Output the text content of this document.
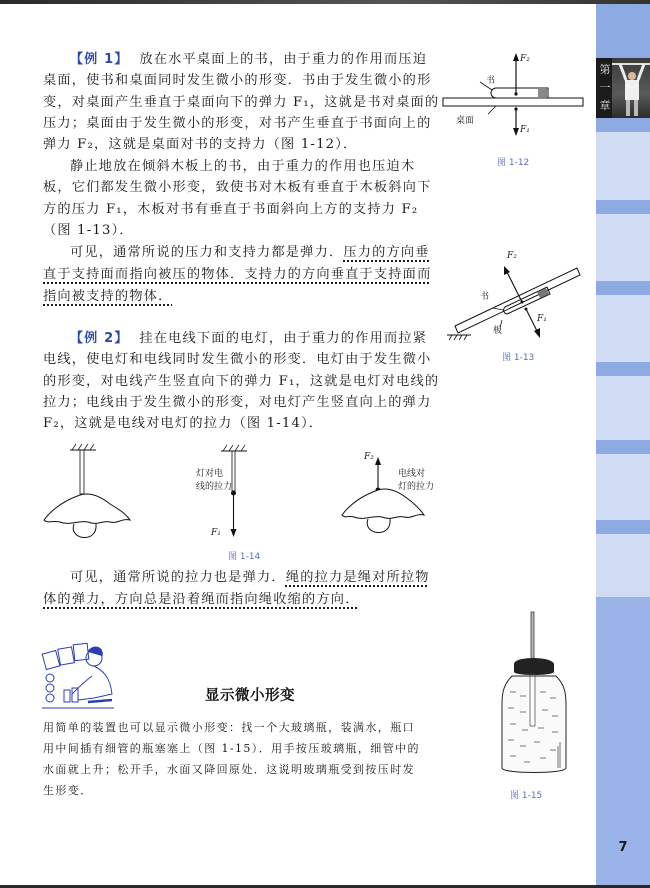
第
一
章
7

【例 1】 放在水平桌面上的书，由于重力的作用而压迫桌面，使书和桌面同时发生微小的形变．书由于发生微小的形变，对桌面产生垂直于桌面向下的弹力 F₁，这就是书对桌面的压力；桌面由于发生微小的形变，对书产生垂直于书面向上的弹力 F₂，这就是桌面对书的支持力（图 1-12）．

静止地放在倾斜木板上的书，由于重力的作用也压迫木板，它们都发生微小形变，致使书对木板有垂直于木板斜向下方的压力 F₁，木板对书有垂直于书面斜向上方的支持力 F₂（图 1-13）．

可见，通常所说的压力和支持力都是弹力．压力的方向垂直于支持面而指向被压的物体．支持力的方向垂直于支持面而指向被支持的物体．

【例 2】 挂在电线下面的电灯，由于重力的作用而拉紧电线，使电灯和电线同时发生微小的形变．电灯由于发生微小的形变，对电线产生竖直向下的弹力 F₁，这就是电灯对电线的拉力；电线由于发生微小的形变，对电灯产生竖直向上的弹力 F₂，这就是电线对电灯的拉力（图 1-14）．

书
桌面
F₂
F₁
图 1-12
书
板
F₂
F₁
图 1-13
灯对电
线的拉力
F₁
F₂
电线对
灯的拉力
图 1-14

可见，通常所说的拉力也是弹力．绳的拉力是绳对所拉物体的弹力，方向总是沿着绳而指向绳收缩的方向．

显示微小形变

用简单的装置也可以显示微小形变：找一个大玻璃瓶，装满水，瓶口用中间插有细管的瓶塞塞上（图 1-15）．用手按压玻璃瓶，细管中的水面就上升；松开手，水面又降回原处．这说明玻璃瓶受到按压时发生形变．	图 1-15
